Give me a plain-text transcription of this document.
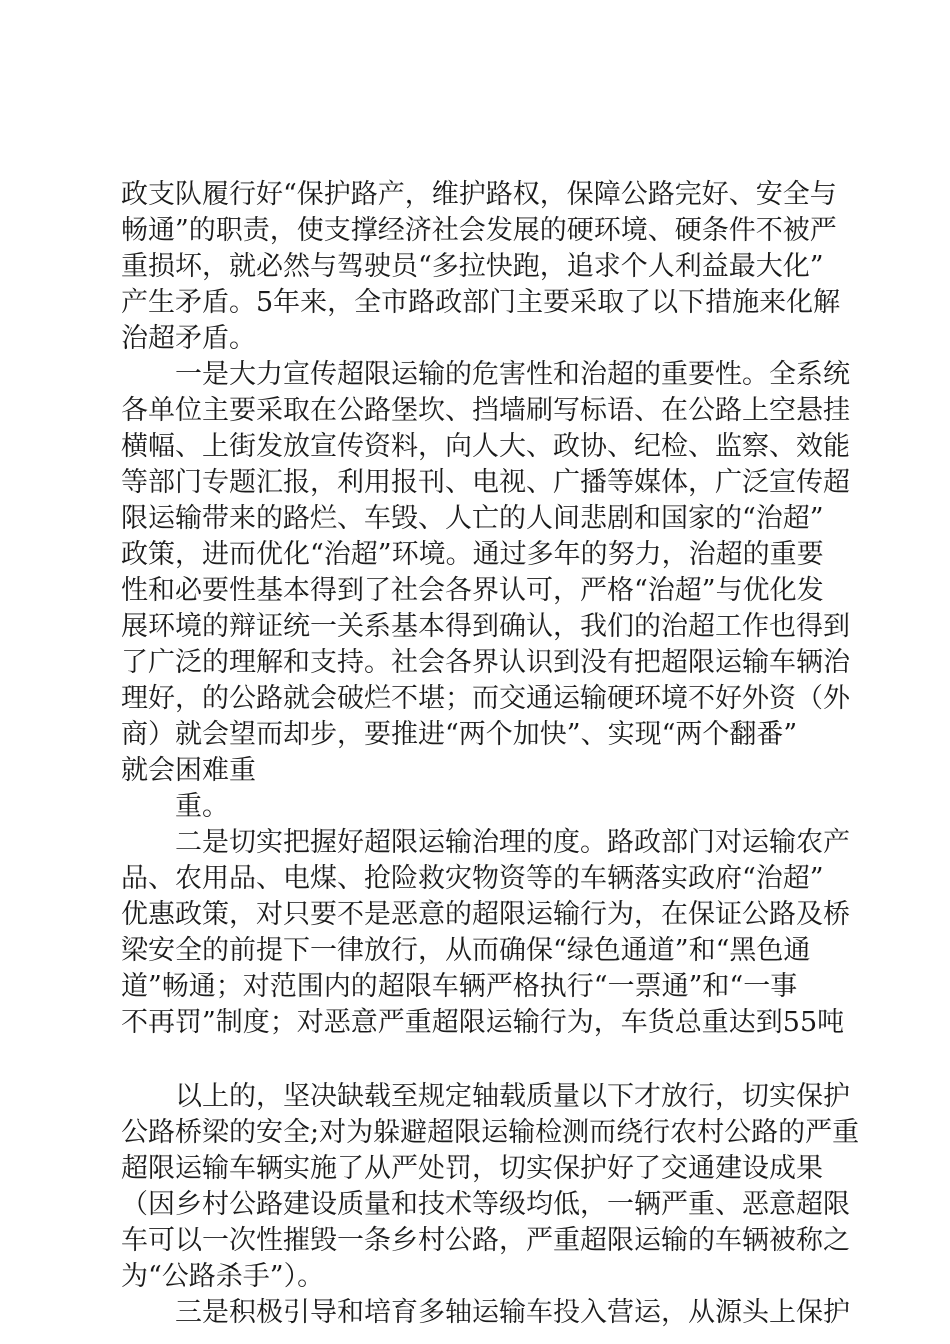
政支队履行好“保护路产，维护路权，保障公路完好、安全与

畅通”的职责，使支撑经济社会发展的硬环境、硬条件不被严

重损坏，就必然与驾驶员“多拉快跑，追求个人利益最大化”

产生矛盾。5年来，全市路政部门主要采取了以下措施来化解

治超矛盾。

　　一是大力宣传超限运输的危害性和治超的重要性。全系统

各单位主要采取在公路堡坎、挡墙刷写标语、在公路上空悬挂

横幅、上街发放宣传资料，向人大、政协、纪检、监察、效能

等部门专题汇报，利用报刊、电视、广播等媒体，广泛宣传超

限运输带来的路烂、车毁、人亡的人间悲剧和国家的“治超”

政策，进而优化“治超”环境。通过多年的努力，治超的重要

性和必要性基本得到了社会各界认可，严格“治超”与优化发

展环境的辩证统一关系基本得到确认，我们的治超工作也得到

了广泛的理解和支持。社会各界认识到没有把超限运输车辆治

理好，的公路就会破烂不堪；而交通运输硬环境不好外资（外

商）就会望而却步，要推进“两个加快”、实现“两个翻番”

就会困难重

　　重。

　　二是切实把握好超限运输治理的度。路政部门对运输农产

品、农用品、电煤、抢险救灾物资等的车辆落实政府“治超”

优惠政策，对只要不是恶意的超限运输行为，在保证公路及桥

梁安全的前提下一律放行，从而确保“绿色通道”和“黑色通

道”畅通；对范围内的超限车辆严格执行“一票通”和“一事

不再罚”制度；对恶意严重超限运输行为，车货总重达到55吨

　　以上的，坚决缺载至规定轴载质量以下才放行，切实保护

公路桥梁的安全;对为躲避超限运输检测而绕行农村公路的严重

超限运输车辆实施了从严处罚，切实保护好了交通建设成果

（因乡村公路建设质量和技术等级均低，一辆严重、恶意超限

车可以一次性摧毁一条乡村公路，严重超限运输的车辆被称之

为“公路杀手”）。

　　三是积极引导和培育多轴运输车投入营运，从源头上保护
